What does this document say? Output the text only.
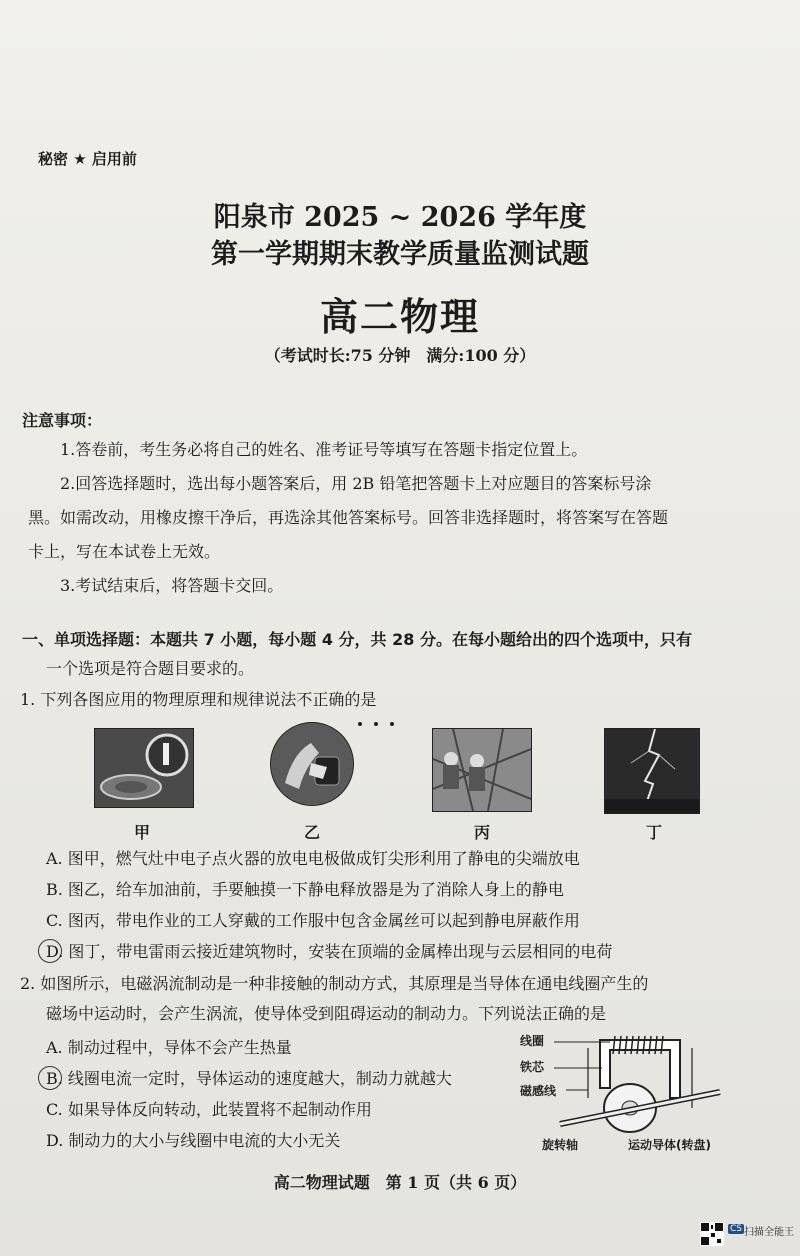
秘密 ★ 启用前
阳泉市 2025 ~ 2026 学年度
第一学期期末教学质量监测试题
高二物理
（考试时长:75 分钟　满分:100 分）
注意事项：
1.答卷前，考生务必将自己的姓名、准考证号等填写在答题卡指定位置上。
2.回答选择题时，选出每小题答案后，用 2B 铅笔把答题卡上对应题目的答案标号涂
黑。如需改动，用橡皮擦干净后，再选涂其他答案标号。回答非选择题时，将答案写在答题
卡上，写在本试卷上无效。
3.考试结束后，将答题卡交回。
一、单项选择题：本题共 7 小题，每小题 4 分，共 28 分。在每小题给出的四个选项中，只有
一个选项是符合题目要求的。
1. 下列各图应用的物理原理和规律说法不正确的是
甲	乙	丙	丁
A. 图甲，燃气灶中电子点火器的放电电极做成钉尖形利用了静电的尖端放电
B. 图乙，给车加油前，手要触摸一下静电释放器是为了消除人身上的静电
C. 图丙，带电作业的工人穿戴的工作服中包含金属丝可以起到静电屏蔽作用
D. 图丁，带电雷雨云接近建筑物时，安装在顶端的金属棒出现与云层相同的电荷
2. 如图所示，电磁涡流制动是一种非接触的制动方式，其原理是当导体在通电线圈产生的
磁场中运动时，会产生涡流，使导体受到阻碍运动的制动力。下列说法正确的是
A. 制动过程中，导体不会产生热量
B. 线圈电流一定时，导体运动的速度越大，制动力就越大
C. 如果导体反向转动，此装置将不起制动作用
D. 制动力的大小与线圈中电流的大小无关
线圈
铁芯
磁感线
旋转轴	运动导体(转盘)
高二物理试题　第 1 页（共 6 页）
CS 扫描全能王
